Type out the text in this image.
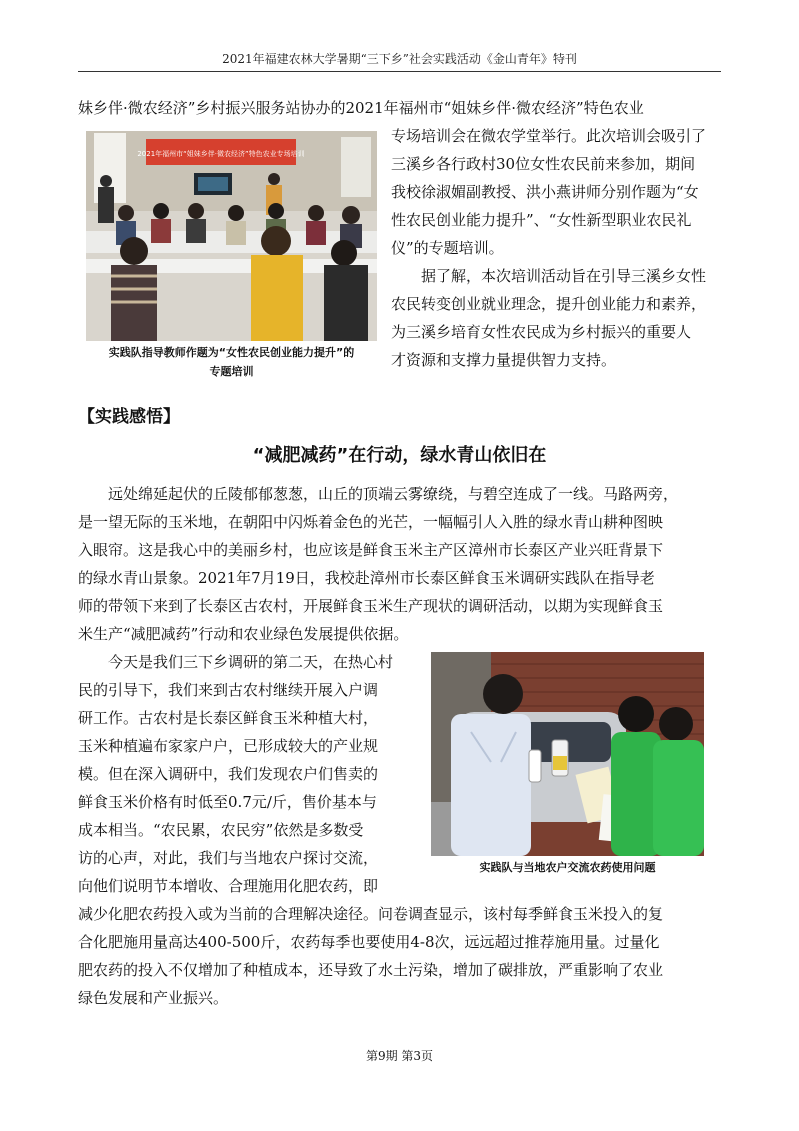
2021年福建农林大学暑期“三下乡”社会实践活动《金山青年》特刊

妹乡伴·微农经济”乡村振兴服务站协办的2021年福州市“姐妹乡伴·微农经济”特色农业

专场培训会在微农学堂举行。此次培训会吸引了
三溪乡各行政村30位女性农民前来参加，期间
我校徐淑媚副教授、洪小燕讲师分别作题为“女
性农民创业能力提升”、“女性新型职业农民礼
仪”的专题培训。

据了解，本次培训活动旨在引导三溪乡女性
农民转变创业就业理念，提升创业能力和素养，
为三溪乡培育女性农民成为乡村振兴的重要人
才资源和支撑力量提供智力支持。

2021年福州市“姐妹乡伴·微农经济”特色农业专场培训
实践队指导教师作题为“女性农民创业能力提升”的
专题培训
【实践感悟】
“减肥减药”在行动，绿水青山依旧在

远处绵延起伏的丘陵郁郁葱葱，山丘的顶端云雾缭绕，与碧空连成了一线。马路两旁，
是一望无际的玉米地，在朝阳中闪烁着金色的光芒，一幅幅引人入胜的绿水青山耕种图映
入眼帘。这是我心中的美丽乡村，也应该是鲜食玉米主产区漳州市长泰区产业兴旺背景下
的绿水青山景象。2021年7月19日，我校赴漳州市长泰区鲜食玉米调研实践队在指导老
师的带领下来到了长泰区古农村，开展鲜食玉米生产现状的调研活动，以期为实现鲜食玉
米生产“减肥减药”行动和农业绿色发展提供依据。

今天是我们三下乡调研的第二天，在热心村
民的引导下，我们来到古农村继续开展入户调
研工作。古农村是长泰区鲜食玉米种植大村，
玉米种植遍布家家户户，已形成较大的产业规
模。但在深入调研中，我们发现农户们售卖的
鲜食玉米价格有时低至0.7元/斤，售价基本与
成本相当。“农民累，农民穷”依然是多数受
访的心声，对此，我们与当地农户探讨交流，
向他们说明节本增收、合理施用化肥农药，即

减少化肥农药投入或为当前的合理解决途径。问卷调查显示，该村每季鲜食玉米投入的复
合化肥施用量高达400-500斤，农药每季也要使用4-8次，远远超过推荐施用量。过量化
肥农药的投入不仅增加了种植成本，还导致了水土污染，增加了碳排放，严重影响了农业
绿色发展和产业振兴。

实践队与当地农户交流农药使用问题
第9期 第3页
